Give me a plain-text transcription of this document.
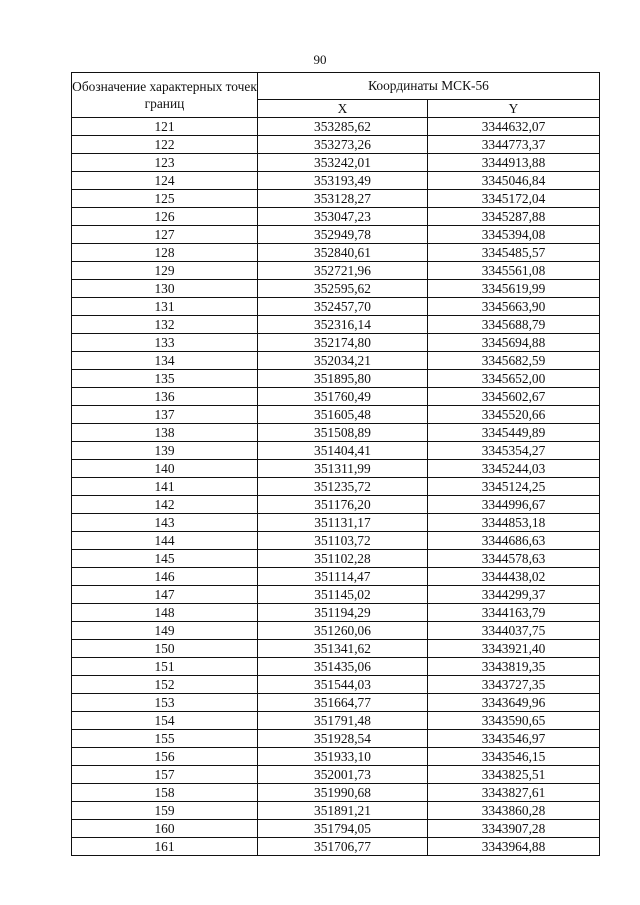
90
Обозначение характерных точек границ	Координаты МСК-56	
	X	Y
121	353285,62	3344632,07
122	353273,26	3344773,37
123	353242,01	3344913,88
124	353193,49	3345046,84
125	353128,27	3345172,04
126	353047,23	3345287,88
127	352949,78	3345394,08
128	352840,61	3345485,57
129	352721,96	3345561,08
130	352595,62	3345619,99
131	352457,70	3345663,90
132	352316,14	3345688,79
133	352174,80	3345694,88
134	352034,21	3345682,59
135	351895,80	3345652,00
136	351760,49	3345602,67
137	351605,48	3345520,66
138	351508,89	3345449,89
139	351404,41	3345354,27
140	351311,99	3345244,03
141	351235,72	3345124,25
142	351176,20	3344996,67
143	351131,17	3344853,18
144	351103,72	3344686,63
145	351102,28	3344578,63
146	351114,47	3344438,02
147	351145,02	3344299,37
148	351194,29	3344163,79
149	351260,06	3344037,75
150	351341,62	3343921,40
151	351435,06	3343819,35
152	351544,03	3343727,35
153	351664,77	3343649,96
154	351791,48	3343590,65
155	351928,54	3343546,97
156	351933,10	3343546,15
157	352001,73	3343825,51
158	351990,68	3343827,61
159	351891,21	3343860,28
160	351794,05	3343907,28
161	351706,77	3343964,88
